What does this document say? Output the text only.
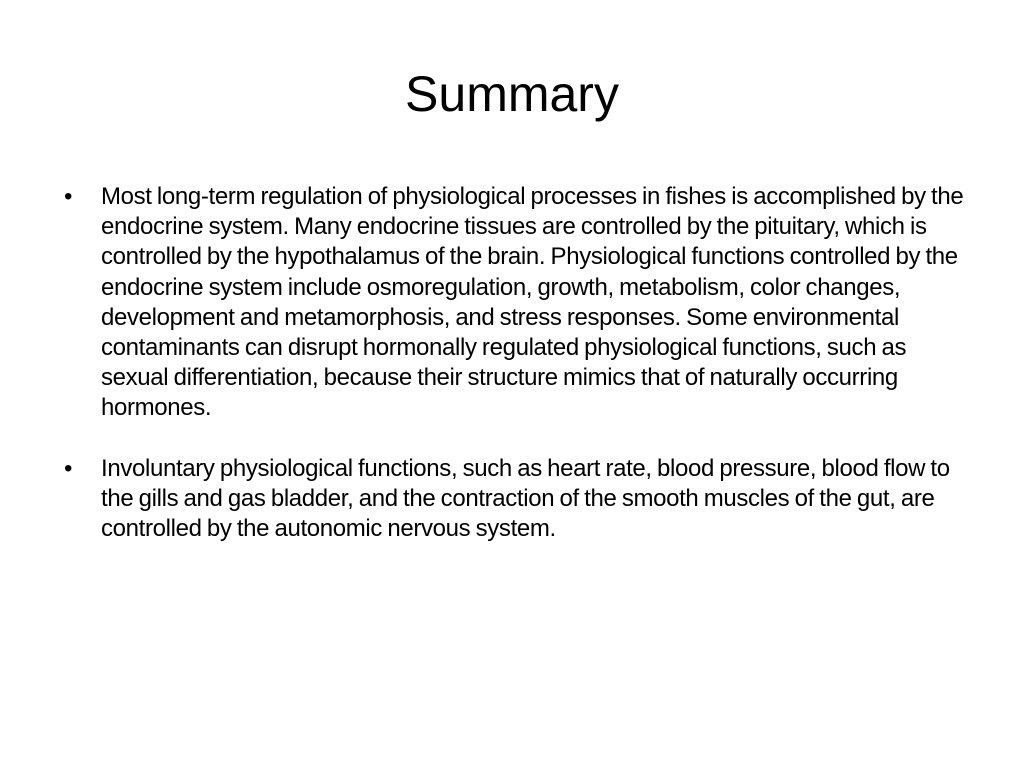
Summary
•	Most long-term regulation of physiological processes in fishes is accomplished by the endocrine system. Many endocrine tissues are controlled by the pituitary, which is controlled by the hypothalamus of the brain. Physiological functions controlled by the endocrine system include osmoregulation, growth, metabolism, color changes, development and metamorphosis, and stress responses. Some environmental contaminants can disrupt hormonally regulated physiological functions, such as sexual differentiation, because their structure mimics that of naturally occurring hormones.
•	Involuntary physiological functions, such as heart rate, blood pressure, blood flow to the gills and gas bladder, and the contraction of the smooth muscles of the gut, are controlled by the autonomic nervous system.
